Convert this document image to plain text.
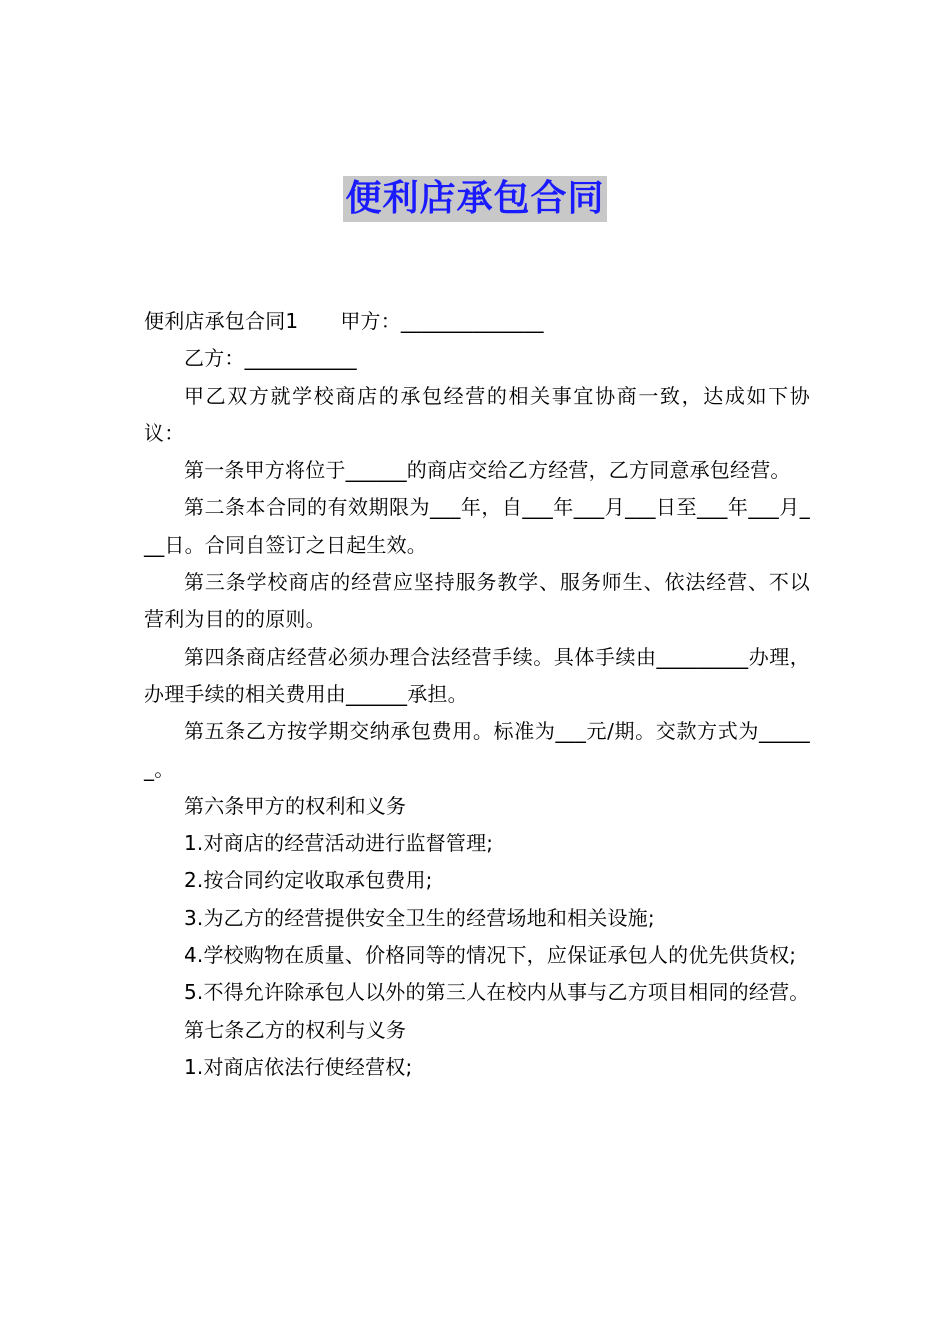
便利店承包合同

便利店承包合同1 甲方：______________

乙方：___________

甲乙双方就学校商店的承包经营的相关事宜协商一致，达成如下协议：

第一条甲方将位于______的商店交给乙方经营，乙方同意承包经营。

第二条本合同的有效期限为___年，自___年___月___日至___年___月___日。合同自签订之日起生效。

第三条学校商店的经营应坚持服务教学、服务师生、依法经营、不以营利为目的的原则。

第四条商店经营必须办理合法经营手续。具体手续由_________办理，办理手续的相关费用由______承担。

第五条乙方按学期交纳承包费用。标准为___元/期。交款方式为______。

第六条甲方的权利和义务

1.对商店的经营活动进行监督管理;

2.按合同约定收取承包费用;

3.为乙方的经营提供安全卫生的经营场地和相关设施;

4.学校购物在质量、价格同等的情况下，应保证承包人的优先供货权;

5.不得允许除承包人以外的第三人在校内从事与乙方项目相同的经营。

第七条乙方的权利与义务

1.对商店依法行使经营权;
